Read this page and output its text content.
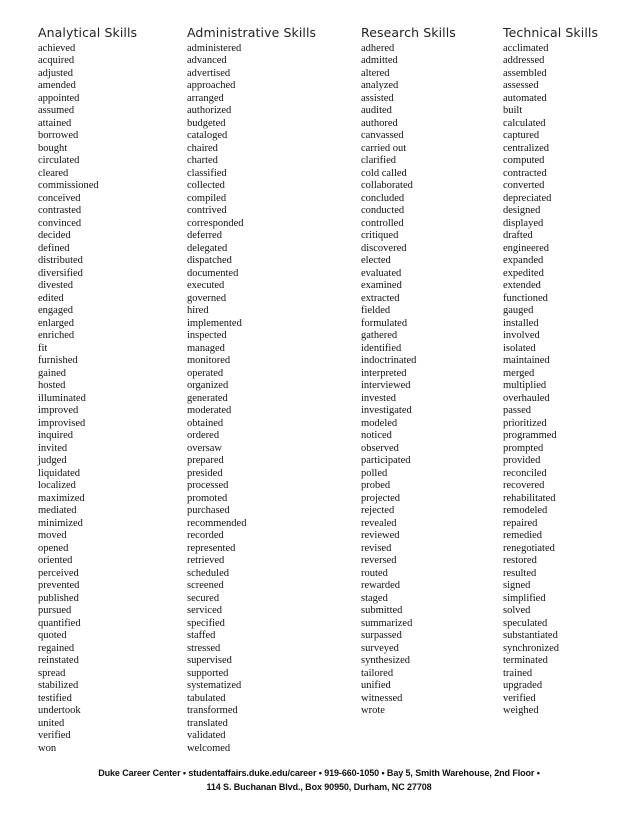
Analytical Skills
achieved
acquired
adjusted
amended
appointed
assumed
attained
borrowed
bought
circulated
cleared
commissioned
conceived
contrasted
convinced
decided
defined
distributed
diversified
divested
edited
engaged
enlarged
enriched
fit
furnished
gained
hosted
illuminated
improved
improvised
inquired
invited
judged
liquidated
localized
maximized
mediated
minimized
moved
opened
oriented
perceived
prevented
published
pursued
quantified
quoted
regained
reinstated
spread
stabilized
testified
undertook
united
verified
won
Administrative Skills
administered
advanced
advertised
approached
arranged
authorized
budgeted
cataloged
chaired
charted
classified
collected
compiled
contrived
corresponded
deferred
delegated
dispatched
documented
executed
governed
hired
implemented
inspected
managed
monitored
operated
organized
generated
moderated
obtained
ordered
oversaw
prepared
presided
processed
promoted
purchased
recommended
recorded
represented
retrieved
scheduled
screened
secured
serviced
specified
staffed
stressed
supervised
supported
systematized
tabulated
transformed
translated
validated
welcomed
Research Skills
adhered
admitted
altered
analyzed
assisted
audited
authored
canvassed
carried out
clarified
cold called
collaborated
concluded
conducted
controlled
critiqued
discovered
elected
evaluated
examined
extracted
fielded
formulated
gathered
identified
indoctrinated
interpreted
interviewed
invested
investigated
modeled
noticed
observed
participated
polled
probed
projected
rejected
revealed
reviewed
revised
reversed
routed
rewarded
staged
submitted
summarized
surpassed
surveyed
synthesized
tailored
unified
witnessed
wrote
Technical Skills
acclimated
addressed
assembled
assessed
automated
built
calculated
captured
centralized
computed
contracted
converted
depreciated
designed
displayed
drafted
engineered
expanded
expedited
extended
functioned
gauged
installed
involved
isolated
maintained
merged
multiplied
overhauled
passed
prioritized
programmed
prompted
provided
reconciled
recovered
rehabilitated
remodeled
repaired
remedied
renegotiated
restored
resulted
signed
simplified
solved
speculated
substantiated
synchronized
terminated
trained
upgraded
verified
weighed
Duke Career Center • studentaffairs.duke.edu/career • 919-660-1050 • Bay 5, Smith Warehouse, 2nd Floor •
114 S. Buchanan Blvd., Box 90950, Durham, NC 27708
